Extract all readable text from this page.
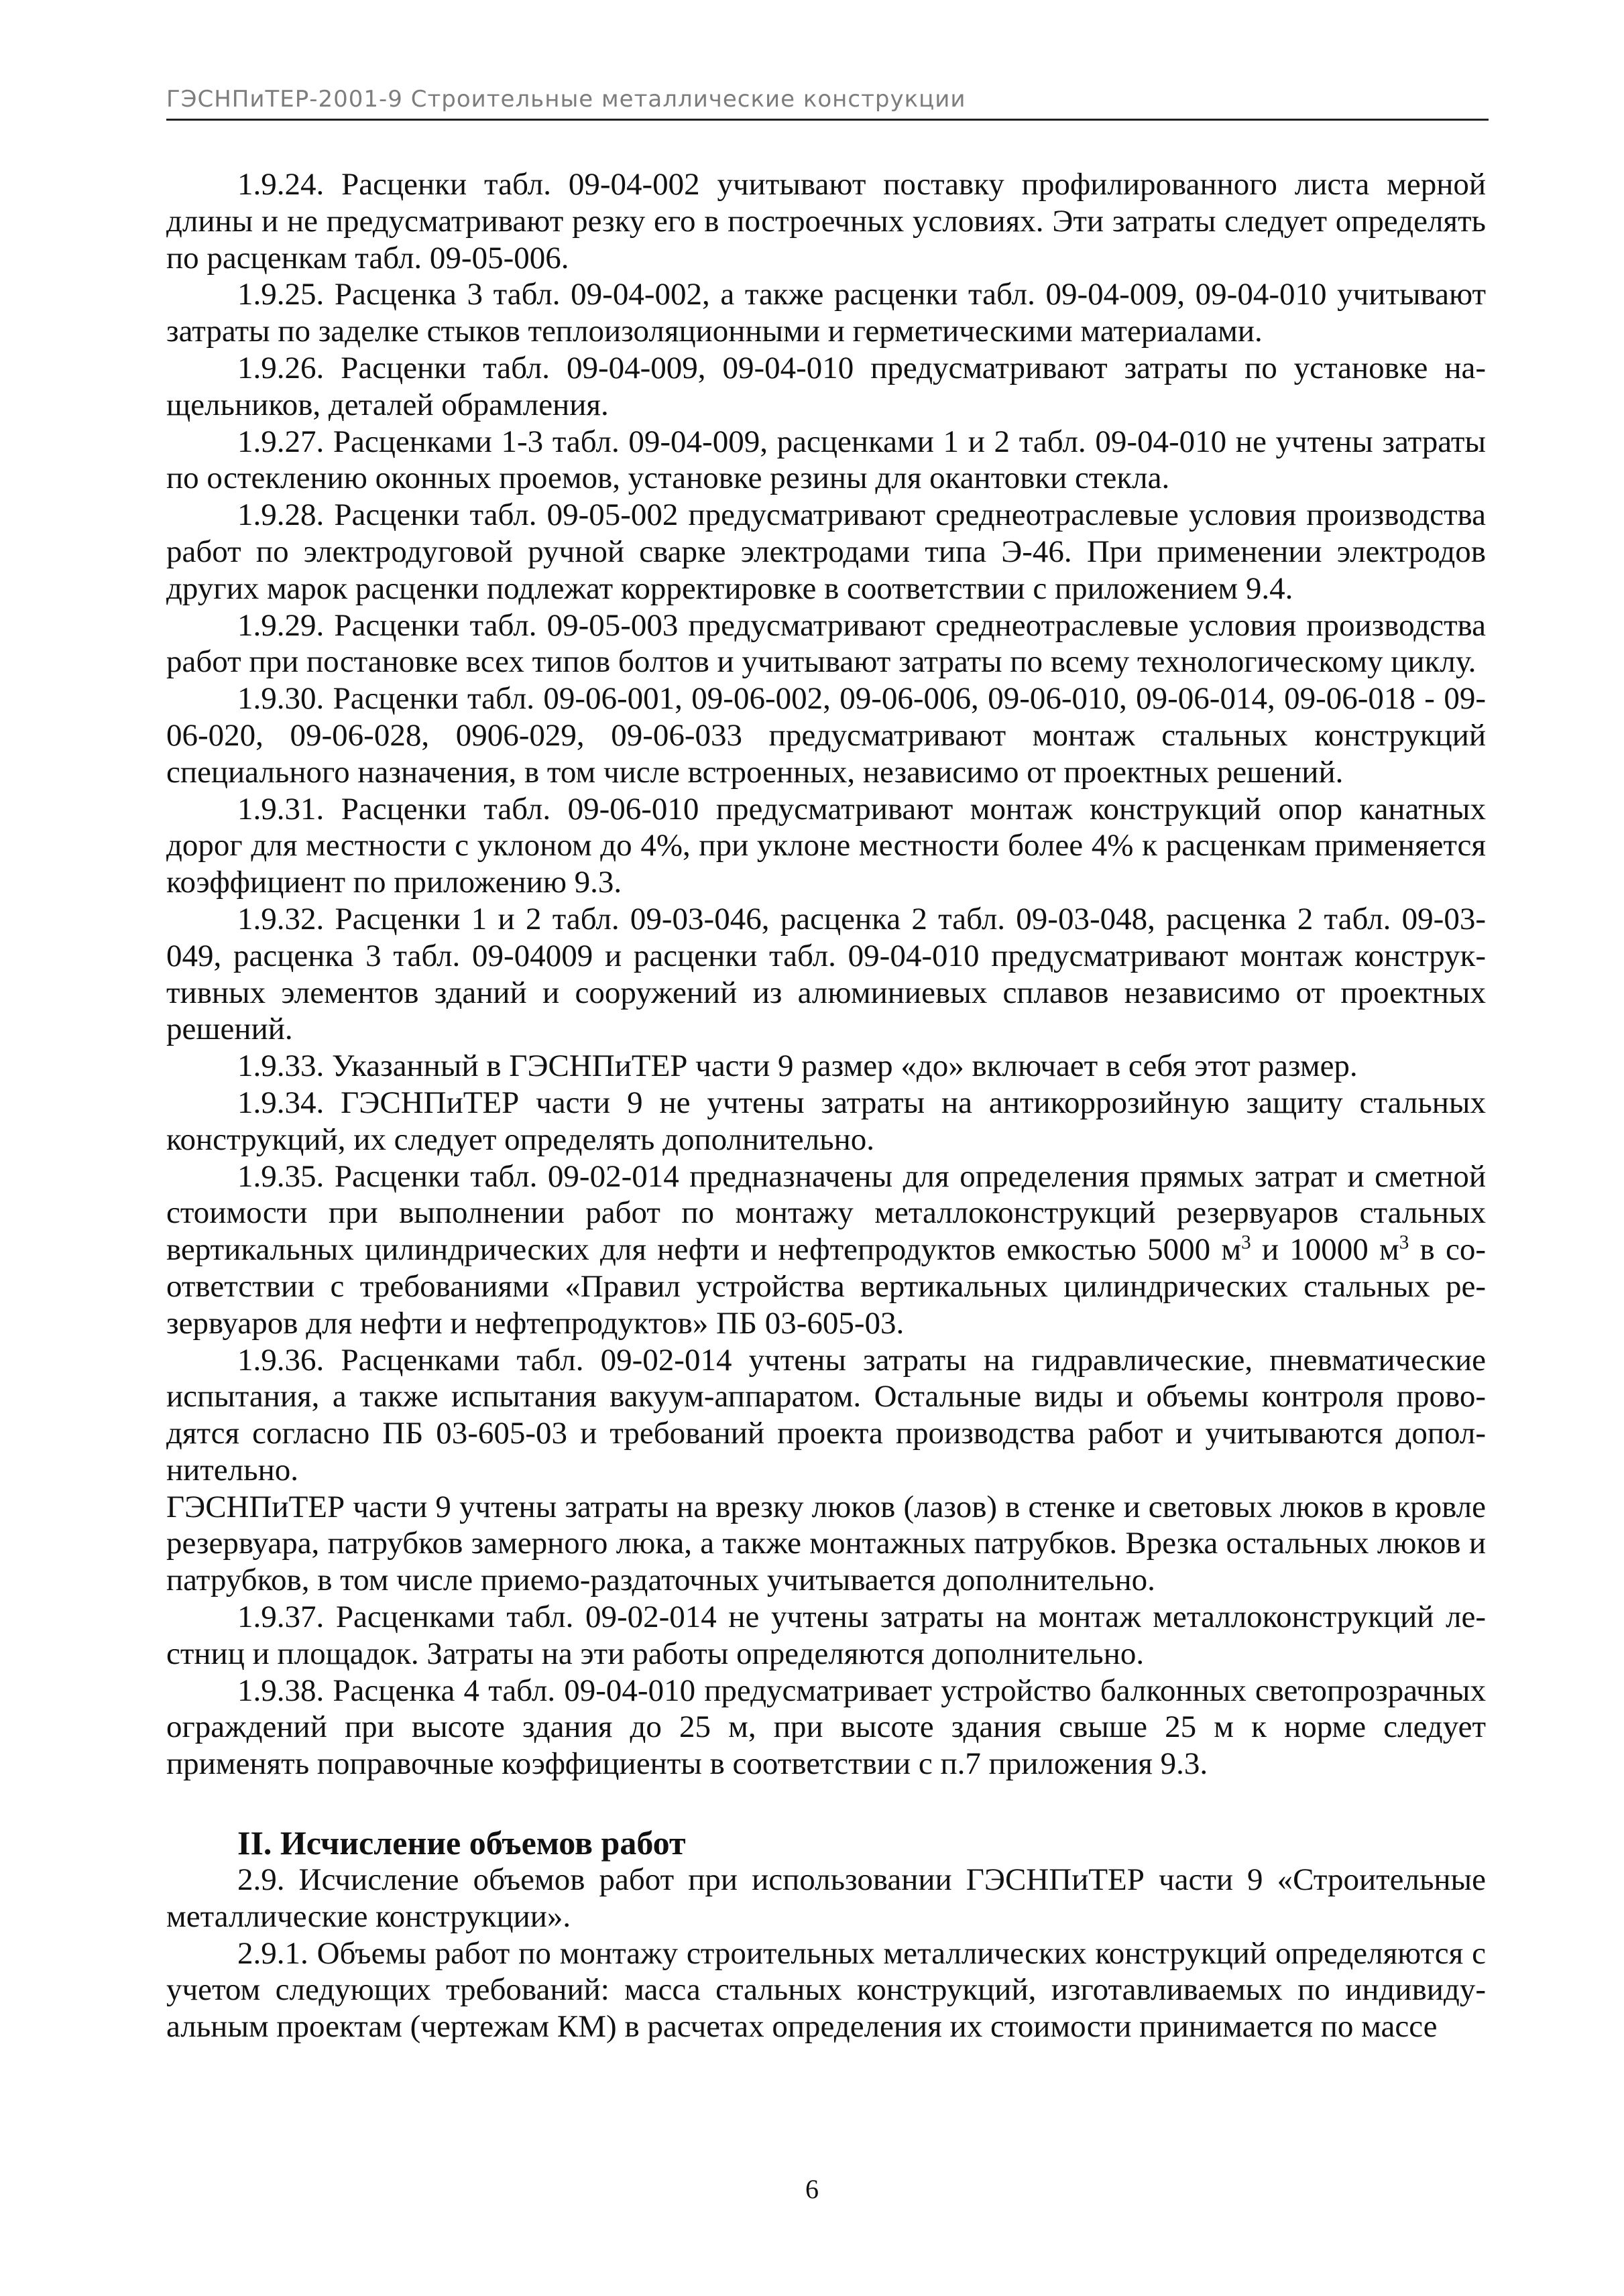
ГЭСНПиТЕР-2001-9 Строительные металлические конструкции

1.9.24. Расценки табл. 09-04-002 учитывают поставку профилированного листа мерной длины и не предусматривают резку его в построечных условиях. Эти затраты следует определять по расценкам табл. 09-05-006.

1.9.25. Расценка 3 табл. 09-04-002, а также расценки табл. 09-04-009, 09-04-010 учитывают затраты по заделке стыков теплоизоляционными и герметическими материалами.

1.9.26. Расценки табл. 09-04-009, 09-04-010 предусматривают затраты по установке нащельников, деталей обрамления.

1.9.27. Расценками 1-3 табл. 09-04-009, расценками 1 и 2 табл. 09-04-010 не учтены затраты по остеклению оконных проемов, установке резины для окантовки стекла.

1.9.28. Расценки табл. 09-05-002 предусматривают среднеотраслевые условия производства работ по электродуговой ручной сварке электродами типа Э-46. При применении электродов других марок расценки подлежат корректировке в соответствии с приложением 9.4.

1.9.29. Расценки табл. 09-05-003 предусматривают среднеотраслевые условия производства работ при постановке всех типов болтов и учитывают затраты по всему технологическому циклу.

1.9.30. Расценки табл. 09-06-001, 09-06-002, 09-06-006, 09-06-010, 09-06-014, 09-06-018 - 09-06-020, 09-06-028, 0906-029, 09-06-033 предусматривают монтаж стальных конструкций специального назначения, в том числе встроенных, независимо от проектных решений.

1.9.31. Расценки табл. 09-06-010 предусматривают монтаж конструкций опор канатных дорог для местности с уклоном до 4%, при уклоне местности более 4% к расценкам применяется коэффициент по приложению 9.3.

1.9.32. Расценки 1 и 2 табл. 09-03-046, расценка 2 табл. 09-03-048, расценка 2 табл. 09-03-049, расценка 3 табл. 09-04009 и расценки табл. 09-04-010 предусматривают монтаж конструктивных элементов зданий и сооружений из алюминиевых сплавов независимо от проектных решений.

1.9.33. Указанный в ГЭСНПиТЕР части 9 размер «до» включает в себя этот размер.

1.9.34. ГЭСНПиТЕР части 9 не учтены затраты на антикоррозийную защиту стальных конструкций, их следует определять дополнительно.

1.9.35. Расценки табл. 09-02-014 предназначены для определения прямых затрат и сметной стоимости при выполнении работ по монтажу металлоконструкций резервуаров стальных вертикальных цилиндрических для нефти и нефтепродуктов емкостью 5000 $м^3$ и 10000 $м^3$ в соответствии с требованиями «Правил устройства вертикальных цилиндрических стальных резервуаров для нефти и нефтепродуктов» ПБ 03-605-03.

1.9.36. Расценками табл. 09-02-014 учтены затраты на гидравлические, пневматические испытания, а также испытания вакуум-аппаратом. Остальные виды и объемы контроля проводятся согласно ПБ 03-605-03 и требований проекта производства работ и учитываются дополнительно.

ГЭСНПиТЕР части 9 учтены затраты на врезку люков (лазов) в стенке и световых люков в кровле резервуара, патрубков замерного люка, а также монтажных патрубков. Врезка остальных люков и патрубков, в том числе приемо-раздаточных учитывается дополнительно.

1.9.37. Расценками табл. 09-02-014 не учтены затраты на монтаж металлоконструкций лестниц и площадок. Затраты на эти работы определяются дополнительно.

1.9.38. Расценка 4 табл. 09-04-010 предусматривает устройство балконных светопрозрачных ограждений при высоте здания до 25 м, при высоте здания свыше 25 м к норме следует применять поправочные коэффициенты в соответствии с п.7 приложения 9.3.

II. Исчисление объемов работ

2.9. Исчисление объемов работ при использовании ГЭСНПиТЕР части 9 «Строительные металлические конструкции».

2.9.1. Объемы работ по монтажу строительных металлических конструкций определяются с учетом следующих требований: масса стальных конструкций, изготавливаемых по индивидуальным проектам (чертежам КМ) в расчетах определения их стоимости принимается по массе

6
